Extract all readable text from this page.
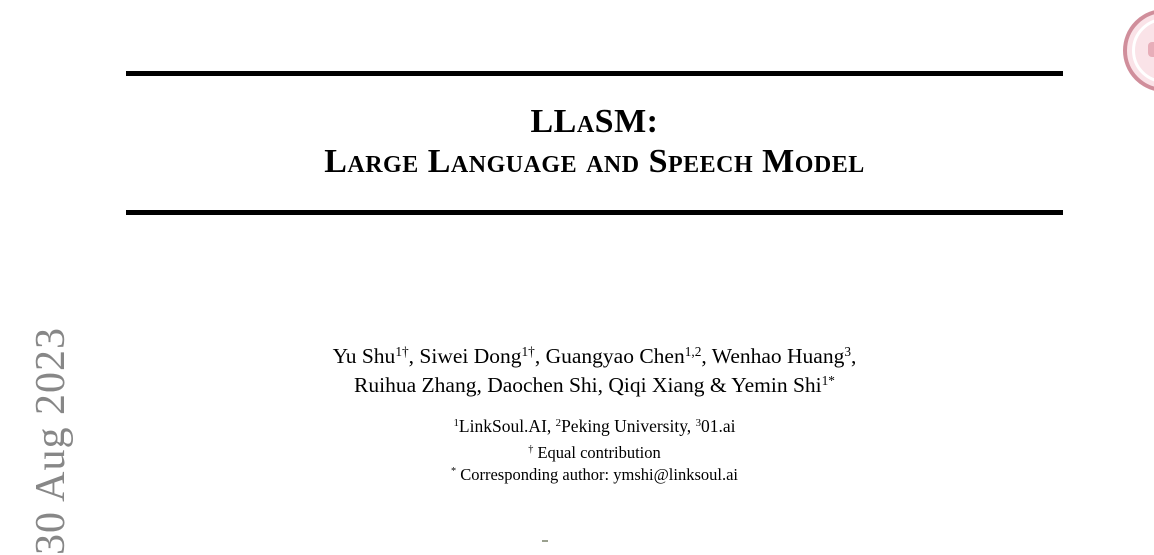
30 Aug 2023
LLaSM:
Large Language and Speech Model
Yu Shu$^{1\dagger}$, Siwei Dong$^{1\dagger}$, Guangyao Chen$^{1,2}$, Wenhao Huang$^3$,
Ruihua Zhang, Daochen Shi, Qiqi Xiang & Yemin Shi$^{1*}$
$^1$LinkSoul.AI, $^2$Peking University, $^3$01.ai
† Equal contribution
* Corresponding author: ymshi@linksoul.ai
